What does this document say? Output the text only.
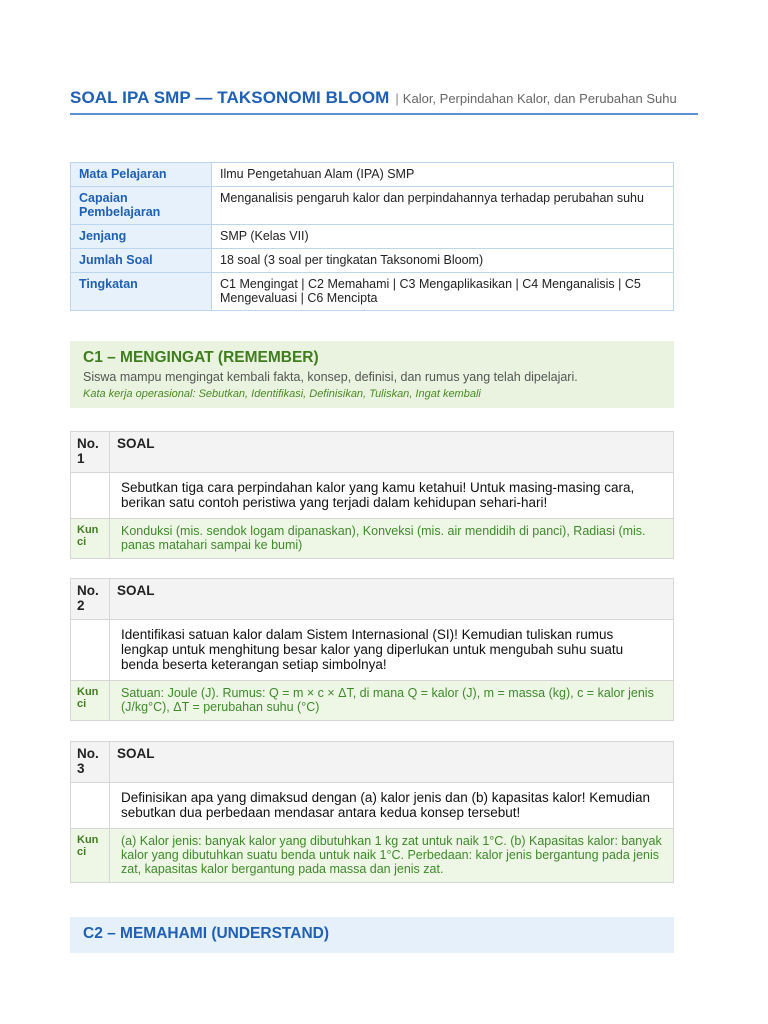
SOAL IPA SMP — TAKSONOMI BLOOM | Kalor, Perpindahan Kalor, dan Perubahan Suhu
Mata Pelajaran	Ilmu Pengetahuan Alam (IPA) SMP
Capaian Pembelajaran	Menganalisis pengaruh kalor dan perpindahannya terhadap perubahan suhu
Jenjang	SMP (Kelas VII)
Jumlah Soal	18 soal (3 soal per tingkatan Taksonomi Bloom)
Tingkatan	C1 Mengingat | C2 Memahami | C3 Mengaplikasikan | C4 Menganalisis | C5 Mengevaluasi | C6 Mencipta
C1 – MENGINGAT (REMEMBER)
Siswa mampu mengingat kembali fakta, konsep, definisi, dan rumus yang telah dipelajari.
Kata kerja operasional: Sebutkan, Identifikasi, Definisikan, Tuliskan, Ingat kembali
No. 1	SOAL
	Sebutkan tiga cara perpindahan kalor yang kamu ketahui! Untuk masing-masing cara, berikan satu contoh peristiwa yang terjadi dalam kehidupan sehari-hari!
Kun ci	Konduksi (mis. sendok logam dipanaskan), Konveksi (mis. air mendidih di panci), Radiasi (mis. panas matahari sampai ke bumi)
No. 2	SOAL
	Identifikasi satuan kalor dalam Sistem Internasional (SI)! Kemudian tuliskan rumus lengkap untuk menghitung besar kalor yang diperlukan untuk mengubah suhu suatu benda beserta keterangan setiap simbolnya!
Kun ci	Satuan: Joule (J). Rumus: Q = m × c × ΔT, di mana Q = kalor (J), m = massa (kg), c = kalor jenis (J/kg°C), ΔT = perubahan suhu (°C)
No. 3	SOAL
	Definisikan apa yang dimaksud dengan (a) kalor jenis dan (b) kapasitas kalor! Kemudian sebutkan dua perbedaan mendasar antara kedua konsep tersebut!
Kun ci	(a) Kalor jenis: banyak kalor yang dibutuhkan 1 kg zat untuk naik 1°C. (b) Kapasitas kalor: banyak kalor yang dibutuhkan suatu benda untuk naik 1°C. Perbedaan: kalor jenis bergantung pada jenis zat, kapasitas kalor bergantung pada massa dan jenis zat.
C2 – MEMAHAMI (UNDERSTAND)
